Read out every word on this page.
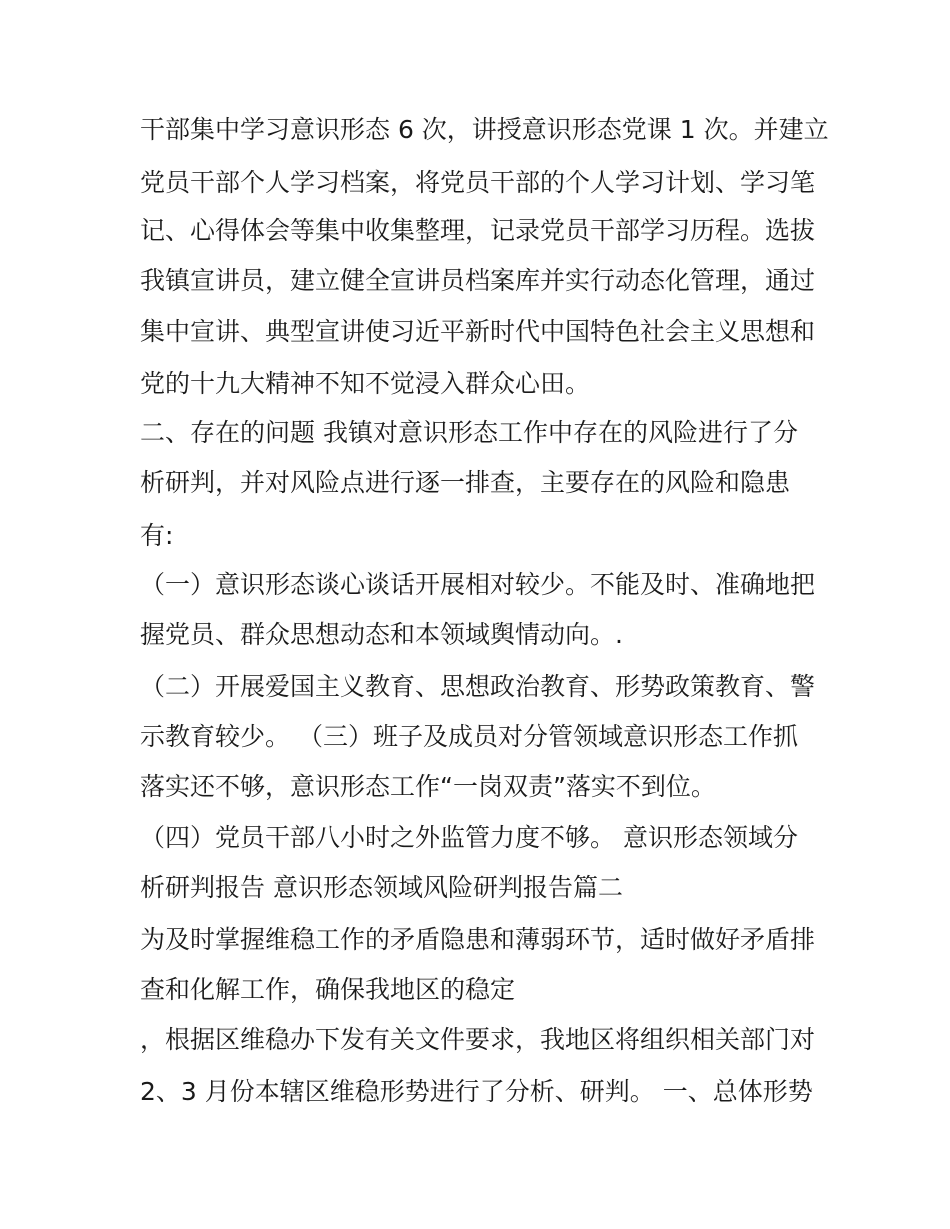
干部集中学习意识形态 6 次，讲授意识形态党课 1 次。并建立

党员干部个人学习档案，将党员干部的个人学习计划、学习笔

记、心得体会等集中收集整理，记录党员干部学习历程。选拔

我镇宣讲员，建立健全宣讲员档案库并实行动态化管理，通过

集中宣讲、典型宣讲使习近平新时代中国特色社会主义思想和

党的十九大精神不知不觉浸入群众心田。

二、存在的问题 我镇对意识形态工作中存在的风险进行了分

析研判，并对风险点进行逐一排查，主要存在的风险和隐患

有:

（一）意识形态谈心谈话开展相对较少。不能及时、准确地把

握党员、群众思想动态和本领域舆情动向。.

（二）开展爱国主义教育、思想政治教育、形势政策教育、警

示教育较少。 （三）班子及成员对分管领域意识形态工作抓

落实还不够，意识形态工作“一岗双责”落实不到位。

（四）党员干部八小时之外监管力度不够。 意识形态领域分

析研判报告 意识形态领域风险研判报告篇二

为及时掌握维稳工作的矛盾隐患和薄弱环节，适时做好矛盾排

查和化解工作，确保我地区的稳定

，根据区维稳办下发有关文件要求，我地区将组织相关部门对

2、3 月份本辖区维稳形势进行了分析、研判。 一、总体形势
